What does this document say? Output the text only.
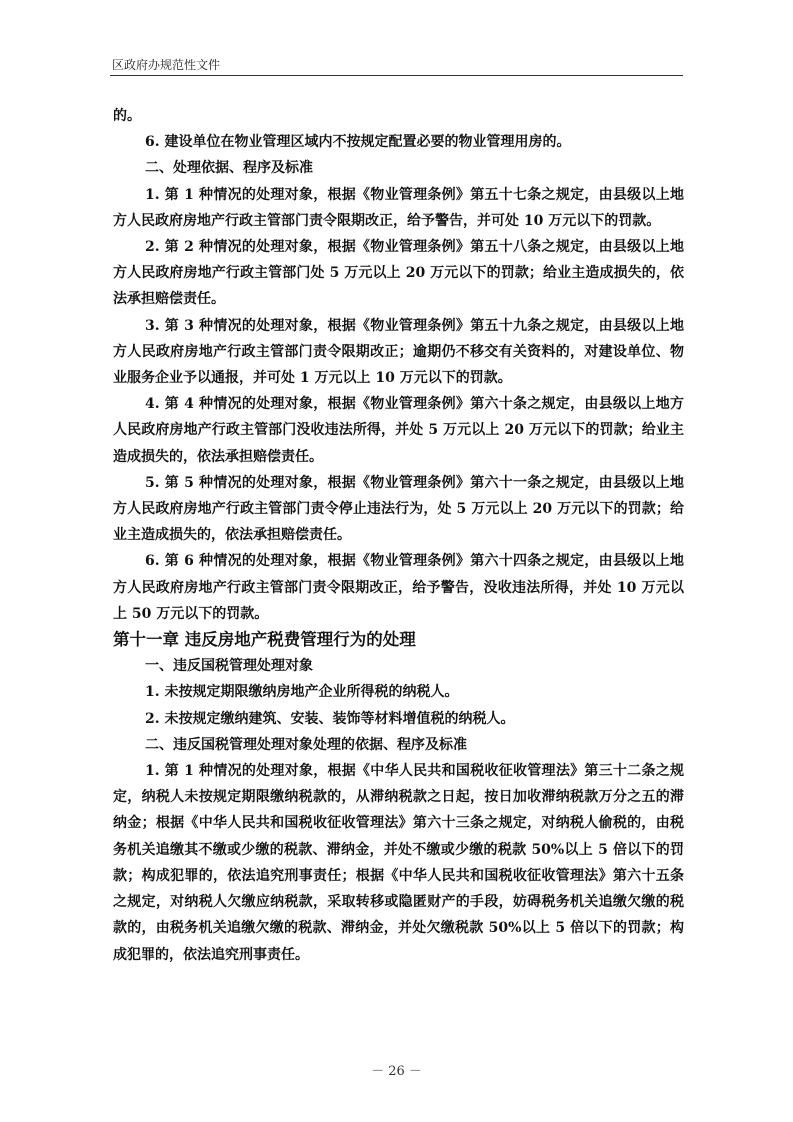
区政府办规范性文件

的。

6. 建设单位在物业管理区域内不按规定配置必要的物业管理用房的。

二、处理依据、程序及标准

1. 第 1 种情况的处理对象，根据《物业管理条例》第五十七条之规定，由县级以上地方人民政府房地产行政主管部门责令限期改正，给予警告，并可处 10 万元以下的罚款。

2. 第 2 种情况的处理对象，根据《物业管理条例》第五十八条之规定，由县级以上地方人民政府房地产行政主管部门处 5 万元以上 20 万元以下的罚款；给业主造成损失的，依法承担赔偿责任。

3. 第 3 种情况的处理对象，根据《物业管理条例》第五十九条之规定，由县级以上地方人民政府房地产行政主管部门责令限期改正；逾期仍不移交有关资料的，对建设单位、物业服务企业予以通报，并可处 1 万元以上 10 万元以下的罚款。

4. 第 4 种情况的处理对象，根据《物业管理条例》第六十条之规定，由县级以上地方人民政府房地产行政主管部门没收违法所得，并处 5 万元以上 20 万元以下的罚款；给业主造成损失的，依法承担赔偿责任。

5. 第 5 种情况的处理对象，根据《物业管理条例》第六十一条之规定，由县级以上地方人民政府房地产行政主管部门责令停止违法行为，处 5 万元以上 20 万元以下的罚款；给业主造成损失的，依法承担赔偿责任。

6. 第 6 种情况的处理对象，根据《物业管理条例》第六十四条之规定，由县级以上地方人民政府房地产行政主管部门责令限期改正，给予警告，没收违法所得，并处 10 万元以上 50 万元以下的罚款。

第十一章 违反房地产税费管理行为的处理

一、违反国税管理处理对象

1. 未按规定期限缴纳房地产企业所得税的纳税人。

2. 未按规定缴纳建筑、安装、装饰等材料增值税的纳税人。

二、违反国税管理处理对象处理的依据、程序及标准

1. 第 1 种情况的处理对象，根据《中华人民共和国税收征收管理法》第三十二条之规定，纳税人未按规定期限缴纳税款的，从滞纳税款之日起，按日加收滞纳税款万分之五的滞纳金；根据《中华人民共和国税收征收管理法》第六十三条之规定，对纳税人偷税的，由税务机关追缴其不缴或少缴的税款、滞纳金，并处不缴或少缴的税款 50%以上 5 倍以下的罚款；构成犯罪的，依法追究刑事责任；根据《中华人民共和国税收征收管理法》第六十五条之规定，对纳税人欠缴应纳税款，采取转移或隐匿财产的手段，妨碍税务机关追缴欠缴的税款的，由税务机关追缴欠缴的税款、滞纳金，并处欠缴税款 50%以上 5 倍以下的罚款；构成犯罪的，依法追究刑事责任。

－ 26 －
